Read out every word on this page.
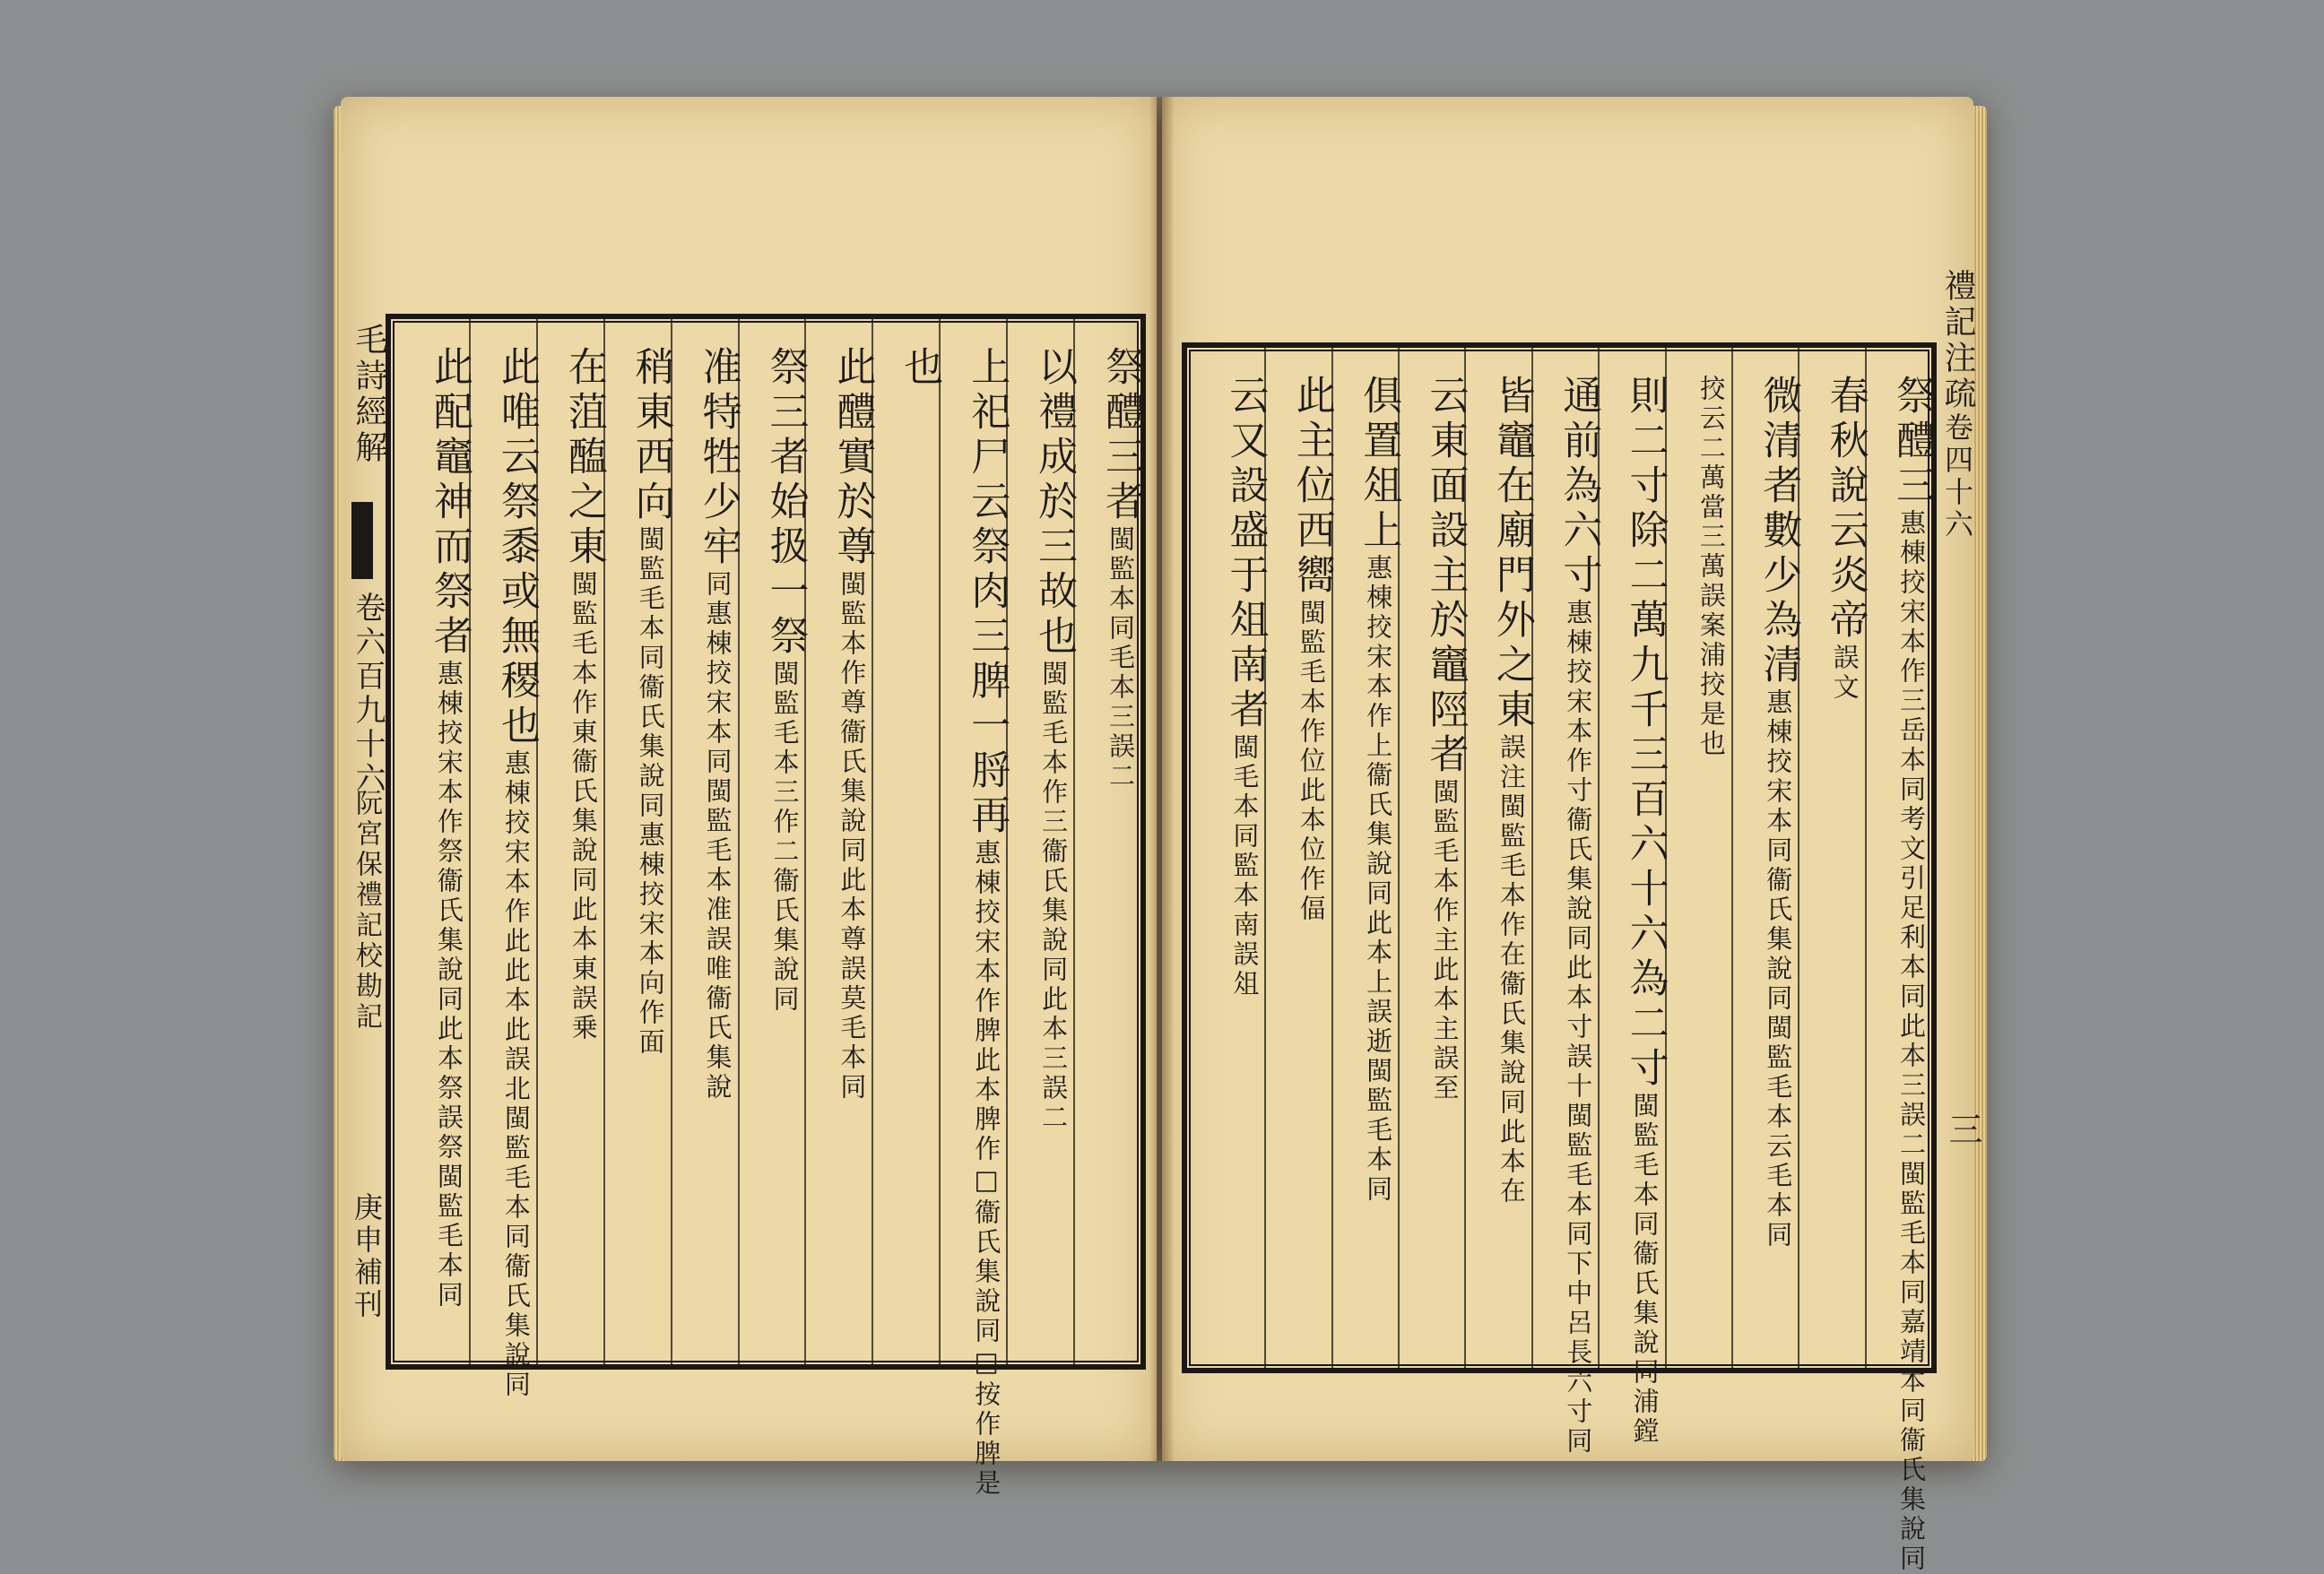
毛詩經解
卷六百九十六
阮宮保禮記校勘記
庚申補刊
祭醴三者閩監本同毛本三誤二
以禮成於三故也閩監毛本作三衞氏集說同此本三誤二
上祀尸云祭肉三脾一脟再惠棟挍宋本作脾此本脾作□衞氏集說同□按作脾是
也
此醴實於尊閩監本作尊衞氏集說同此本尊誤莫毛本同
祭三者始扱一祭閩監毛本三作二衞氏集說同
准特牲少牢同惠棟挍宋本同閩監毛本准誤唯衞氏集說
稍東西向閩監毛本同衞氏集說同惠棟挍宋本向作面
在菹醢之東閩監毛本作東衞氏集說同此本東誤乗
此唯云祭黍或無稷也惠棟挍宋本作此此本此誤北閩監毛本同衞氏集說同
此配竈神而祭者惠棟挍宋本作祭衞氏集說同此本祭誤祭閩監毛本同
祭醴三惠棟挍宋本作三岳本同考文引足利本同此本三誤二閩監毛本同嘉靖本同衞氏集說同
春秋說云炎帝誤文
微清者數少為清惠棟挍宋本同衞氏集說同閩監毛本云毛本同
挍云二萬當三萬誤案浦挍是也
則二寸除二萬九千三百六十六為二寸閩監毛本同衞氏集說同浦鏜
通前為六寸惠棟挍宋本作寸衞氏集說同此本寸誤十閩監毛本同下中呂長六寸同
皆竈在廟門外之東誤注閩監毛本作在衞氏集說同此本在
云東面設主於竈陘者閩監毛本作主此本主誤至
俱置俎上惠棟挍宋本作上衞氏集說同此本上誤逝閩監毛本同
此主位西嚮閩監毛本作位此本位作偪
云又設盛于俎南者閩毛本同監本南誤俎
禮記注疏
卷四十六
三
